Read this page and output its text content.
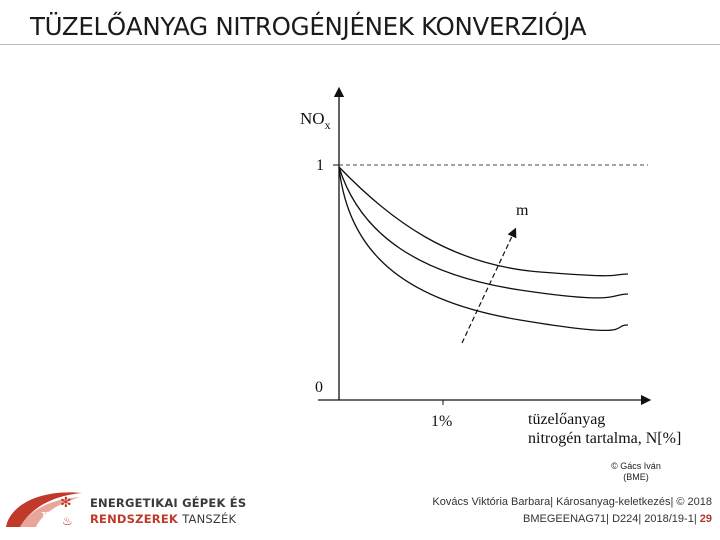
TÜZELŐANYAG NITROGÉNJÉNEK KONVERZIÓJA
$NO_x$
1
0
1%	tüzelőanyag
nitrogén tartalma, N[%]
m
© Gács Iván
(BME)
η
✻
♨
ENERGETIKAI GÉPEK ÉS
RENDSZEREK TANSZÉK
Kovács Viktória Barbara| Károsanyag-keletkezés| © 2018
BMEGEENAG71| D224| 2018/19-1| 29
